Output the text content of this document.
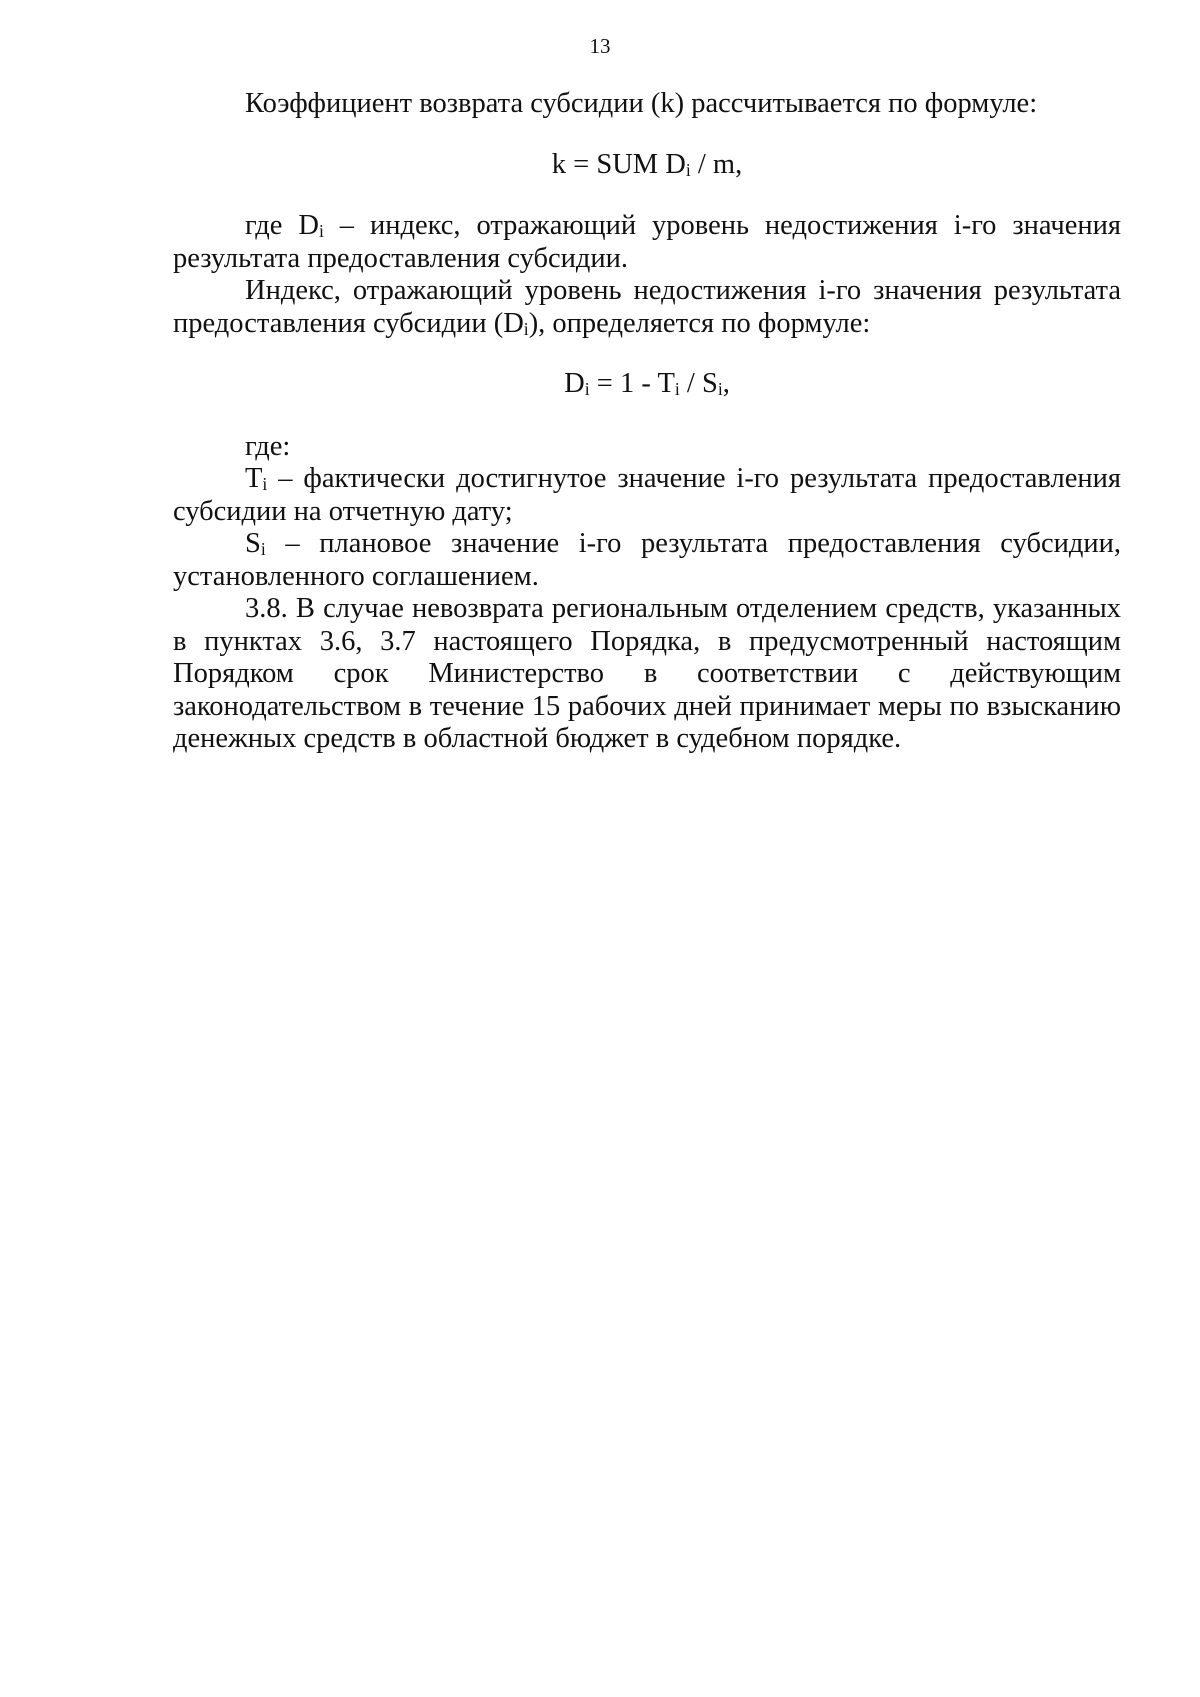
13

Коэффициент возврата субсидии (k) рассчитывается по формуле:

k = SUM $D_i$ / m,

где $D_i$ – индекс, отражающий уровень недостижения i-го значения результата предоставления субсидии.

Индекс, отражающий уровень недостижения i-го значения результата предоставления субсидии $(D_i)$, определяется по формуле:

$D_i = 1 - T_i / S_i$,

где:

$T_i$ – фактически достигнутое значение i-го результата предоставления субсидии на отчетную дату;

$S_i$ – плановое значение i-го результата предоставления субсидии, установленного соглашением.

3.8. В случае невозврата региональным отделением средств, указанных в пунктах 3.6, 3.7 настоящего Порядка, в предусмотренный настоящим Порядком срок Министерство в соответствии с действующим законодательством в течение 15 рабочих дней принимает меры по взысканию денежных средств в областной бюджет в судебном порядке.
